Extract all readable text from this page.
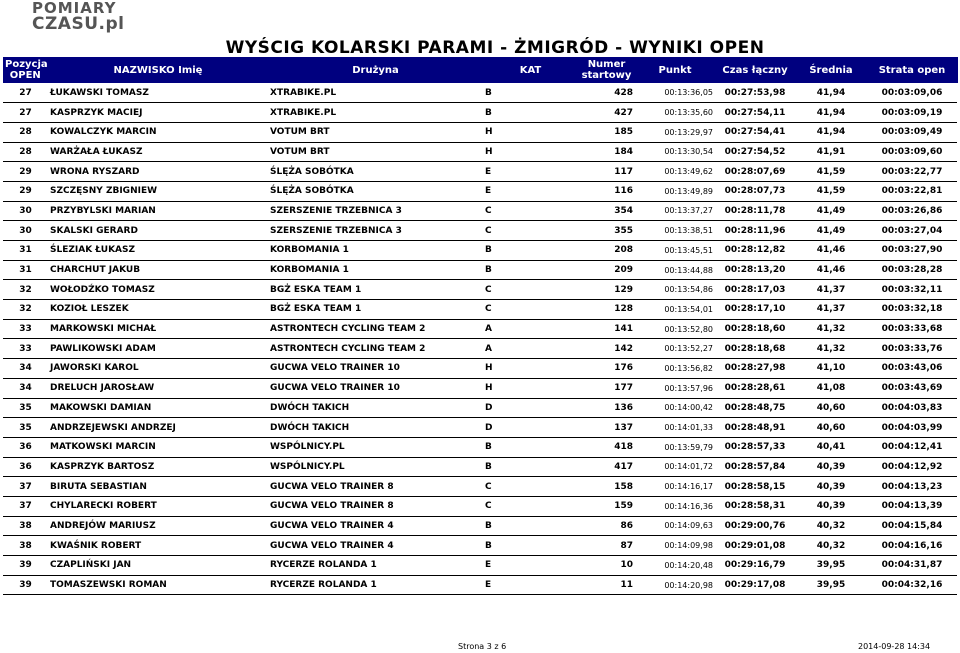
POMIARY
CZASU.pl
WYŚCIG KOLARSKI PARAMI - ŻMIGRÓD - WYNIKI OPEN
Pozycja OPEN	NAZWISKO Imię	Drużyna	KAT	Numer startowy	Punkt	Czas łączny	Średnia	Strata open
27	ŁUKAWSKI TOMASZ	XTRABIKE.PL	B	428	00:13:36,05	00:27:53,98	41,94	00:03:09,06
27	KASPRZYK MACIEJ	XTRABIKE.PL	B	427	00:13:35,60	00:27:54,11	41,94	00:03:09,19
28	KOWALCZYK MARCIN	VOTUM BRT	H	185	00:13:29,97	00:27:54,41	41,94	00:03:09,49
28	WARŻAŁA ŁUKASZ	VOTUM BRT	H	184	00:13:30,54	00:27:54,52	41,91	00:03:09,60
29	WRONA RYSZARD	ŚLĘŻA SOBÓTKA	E	117	00:13:49,62	00:28:07,69	41,59	00:03:22,77
29	SZCZĘSNY ZBIGNIEW	ŚLĘŻA SOBÓTKA	E	116	00:13:49,89	00:28:07,73	41,59	00:03:22,81
30	PRZYBYLSKI MARIAN	SZERSZENIE TRZEBNICA 3	C	354	00:13:37,27	00:28:11,78	41,49	00:03:26,86
30	SKALSKI GERARD	SZERSZENIE TRZEBNICA 3	C	355	00:13:38,51	00:28:11,96	41,49	00:03:27,04
31	ŚLEZIAK ŁUKASZ	KORBOMANIA 1	B	208	00:13:45,51	00:28:12,82	41,46	00:03:27,90
31	CHARCHUT JAKUB	KORBOMANIA 1	B	209	00:13:44,88	00:28:13,20	41,46	00:03:28,28
32	WOŁODŹKO TOMASZ	BGŻ ESKA TEAM 1	C	129	00:13:54,86	00:28:17,03	41,37	00:03:32,11
32	KOZIOŁ LESZEK	BGŻ ESKA TEAM 1	C	128	00:13:54,01	00:28:17,10	41,37	00:03:32,18
33	MARKOWSKI MICHAŁ	ASTRONTECH CYCLING TEAM 2	A	141	00:13:52,80	00:28:18,60	41,32	00:03:33,68
33	PAWLIKOWSKI ADAM	ASTRONTECH CYCLING TEAM 2	A	142	00:13:52,27	00:28:18,68	41,32	00:03:33,76
34	JAWORSKI KAROL	GUCWA VELO TRAINER 10	H	176	00:13:56,82	00:28:27,98	41,10	00:03:43,06
34	DRELUCH JAROSŁAW	GUCWA VELO TRAINER 10	H	177	00:13:57,96	00:28:28,61	41,08	00:03:43,69
35	MAKOWSKI DAMIAN	DWÓCH TAKICH	D	136	00:14:00,42	00:28:48,75	40,60	00:04:03,83
35	ANDRZEJEWSKI ANDRZEJ	DWÓCH TAKICH	D	137	00:14:01,33	00:28:48,91	40,60	00:04:03,99
36	MATKOWSKI MARCIN	WSPÓLNICY.PL	B	418	00:13:59,79	00:28:57,33	40,41	00:04:12,41
36	KASPRZYK BARTOSZ	WSPÓLNICY.PL	B	417	00:14:01,72	00:28:57,84	40,39	00:04:12,92
37	BIRUTA SEBASTIAN	GUCWA VELO TRAINER 8	C	158	00:14:16,17	00:28:58,15	40,39	00:04:13,23
37	CHYLARECKI ROBERT	GUCWA VELO TRAINER 8	C	159	00:14:16,36	00:28:58,31	40,39	00:04:13,39
38	ANDREJÓW MARIUSZ	GUCWA VELO TRAINER 4	B	86	00:14:09,63	00:29:00,76	40,32	00:04:15,84
38	KWAŚNIK ROBERT	GUCWA VELO TRAINER 4	B	87	00:14:09,98	00:29:01,08	40,32	00:04:16,16
39	CZAPLIŃSKI JAN	RYCERZE ROLANDA 1	E	10	00:14:20,48	00:29:16,79	39,95	00:04:31,87
39	TOMASZEWSKI ROMAN	RYCERZE ROLANDA 1	E	11	00:14:20,98	00:29:17,08	39,95	00:04:32,16
Strona 3 z 6	2014-09-28 14:34
